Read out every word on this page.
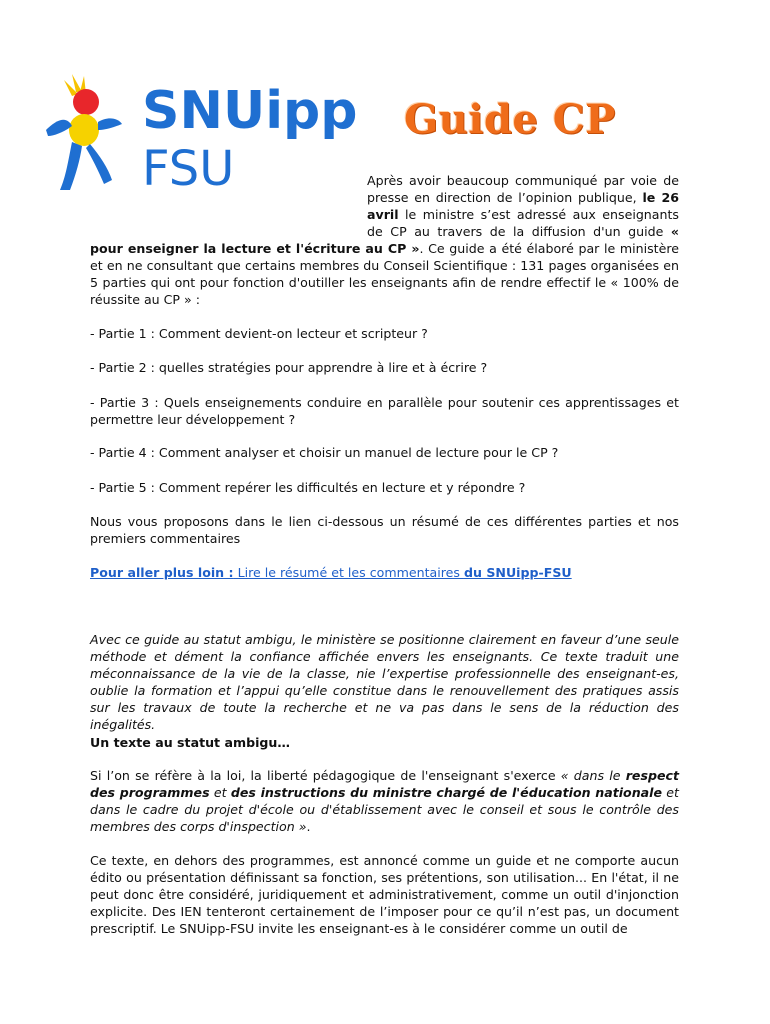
SNUipp
FSU
Guide CP

Après avoir beaucoup communiqué par voie de presse en direction de l’opinion publique, le 26 avril le ministre s’est adressé aux enseignants de CP au travers de la diffusion d'un guide « pour enseigner la lecture et l'écriture au CP ». Ce guide a été élaboré par le ministère et en ne consultant que certains membres du Conseil Scientifique : 131 pages organisées en 5 parties qui ont pour fonction d'outiller les enseignants afin de rendre effectif le « 100% de réussite au CP » :

- Partie 1 : Comment devient-on lecteur et scripteur ?

- Partie 2 : quelles stratégies pour apprendre à lire et à écrire ?

- Partie 3 : Quels enseignements conduire en parallèle pour soutenir ces apprentissages et permettre leur développement ?

- Partie 4 : Comment analyser et choisir un manuel de lecture pour le CP ?

- Partie 5 : Comment repérer les difficultés en lecture et y répondre ?

Nous vous proposons dans le lien ci-dessous un résumé de ces différentes parties et nos premiers commentaires

Pour aller plus loin : Lire le résumé et les commentaires du SNUipp-FSU

Avec ce guide au statut ambigu, le ministère se positionne clairement en faveur d’une seule méthode et dément la confiance affichée envers les enseignants. Ce texte traduit une méconnaissance de la vie de la classe, nie l’expertise professionnelle des enseignant-es, oublie la formation et l’appui qu’elle constitue dans le renouvellement des pratiques assis sur les travaux de toute la recherche et ne va pas dans le sens de la réduction des inégalités.

Un texte au statut ambigu…

Si l’on se réfère à la loi, la liberté pédagogique de l'enseignant s'exerce « dans le respect des programmes et des instructions du ministre chargé de l'éducation nationale et dans le cadre du projet d'école ou d'établissement avec le conseil et sous le contrôle des membres des corps d'inspection ».

Ce texte, en dehors des programmes, est annoncé comme un guide et ne comporte aucun édito ou présentation définissant sa fonction, ses prétentions, son utilisation... En l'état, il ne peut donc être considéré, juridiquement et administrativement, comme un outil d'injonction explicite. Des IEN tenteront certainement de l’imposer pour ce qu’il n’est pas, un document prescriptif. Le SNUipp-FSU invite les enseignant-es à le considérer comme un outil de
